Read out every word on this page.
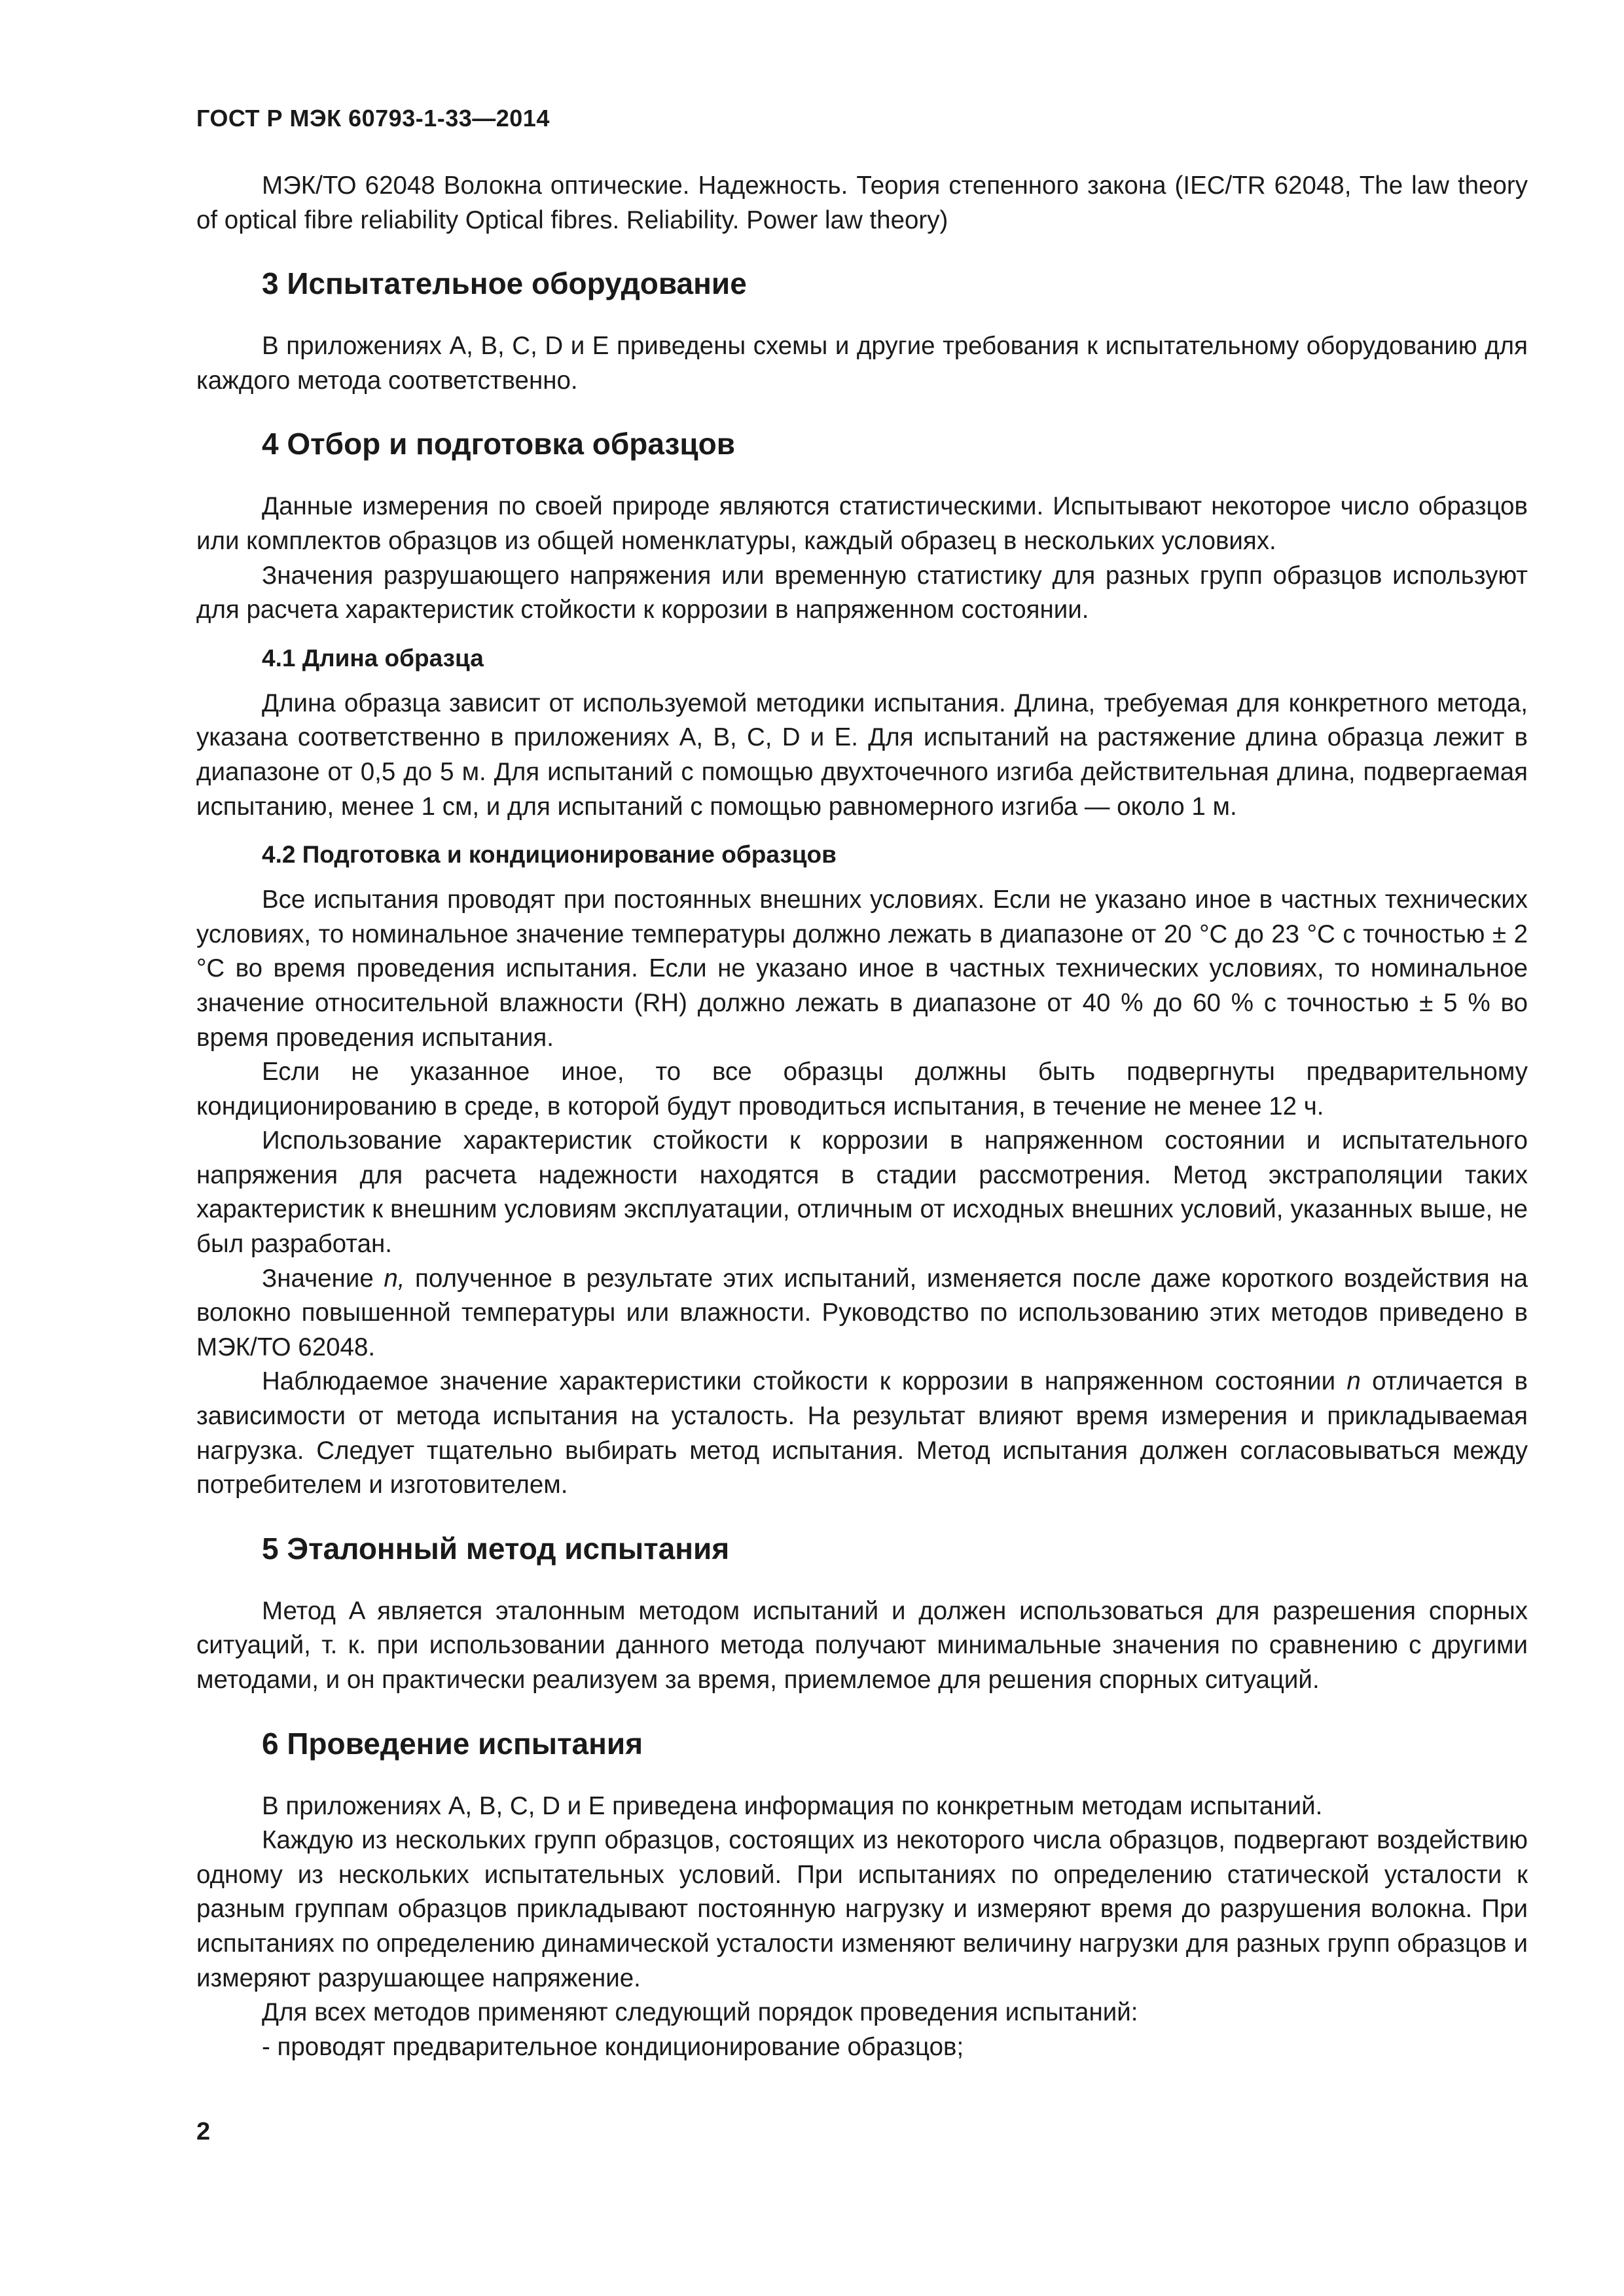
ГОСТ Р МЭК 60793-1-33—2014

МЭК/ТО 62048 Волокна оптические. Надежность. Теория степенного закона (IEC/TR 62048, The law theory of optical fibre reliability Optical fibres. Reliability. Power law theory)

3 Испытательное оборудование

В приложениях A, B, C, D и E приведены схемы и другие требования к испытательному оборудованию для каждого метода соответственно.

4 Отбор и подготовка образцов

Данные измерения по своей природе являются статистическими. Испытывают некоторое число образцов или комплектов образцов из общей номенклатуры, каждый образец в нескольких условиях.

Значения разрушающего напряжения или временную статистику для разных групп образцов используют для расчета характеристик стойкости к коррозии в напряженном состоянии.

4.1 Длина образца

Длина образца зависит от используемой методики испытания. Длина, требуемая для конкретного метода, указана соответственно в приложениях A, B, C, D и E. Для испытаний на растяжение длина образца лежит в диапазоне от 0,5 до 5 м. Для испытаний с помощью двухточечного изгиба действительная длина, подвергаемая испытанию, менее 1 см, и для испытаний с помощью равномерного изгиба — около 1 м.

4.2 Подготовка и кондиционирование образцов

Все испытания проводят при постоянных внешних условиях. Если не указано иное в частных технических условиях, то номинальное значение температуры должно лежать в диапазоне от 20 °С до 23 °С с точностью ± 2 °С во время проведения испытания. Если не указано иное в частных технических условиях, то номинальное значение относительной влажности (RH) должно лежать в диапазоне от 40 % до 60 % с точностью ± 5 % во время проведения испытания.

Если не указанное иное, то все образцы должны быть подвергнуты предварительному кондиционированию в среде, в которой будут проводиться испытания, в течение не менее 12 ч.

Использование характеристик стойкости к коррозии в напряженном состоянии и испытательного напряжения для расчета надежности находятся в стадии рассмотрения. Метод экстраполяции таких характеристик к внешним условиям эксплуатации, отличным от исходных внешних условий, указанных выше, не был разработан.

Значение n, полученное в результате этих испытаний, изменяется после даже короткого воздействия на волокно повышенной температуры или влажности. Руководство по использованию этих методов приведено в МЭК/ТО 62048.

Наблюдаемое значение характеристики стойкости к коррозии в напряженном состоянии n отличается в зависимости от метода испытания на усталость. На результат влияют время измерения и прикладываемая нагрузка. Следует тщательно выбирать метод испытания. Метод испытания должен согласовываться между потребителем и изготовителем.

5 Эталонный метод испытания

Метод A является эталонным методом испытаний и должен использоваться для разрешения спорных ситуаций, т. к. при использовании данного метода получают минимальные значения по сравнению с другими методами, и он практически реализуем за время, приемлемое для решения спорных ситуаций.

6 Проведение испытания

В приложениях A, B, C, D и E приведена информация по конкретным методам испытаний.

Каждую из нескольких групп образцов, состоящих из некоторого числа образцов, подвергают воздействию одному из нескольких испытательных условий. При испытаниях по определению статической усталости к разным группам образцов прикладывают постоянную нагрузку и измеряют время до разрушения волокна. При испытаниях по определению динамической усталости изменяют величину нагрузки для разных групп образцов и измеряют разрушающее напряжение.

Для всех методов применяют следующий порядок проведения испытаний:

- проводят предварительное кондиционирование образцов;

2
